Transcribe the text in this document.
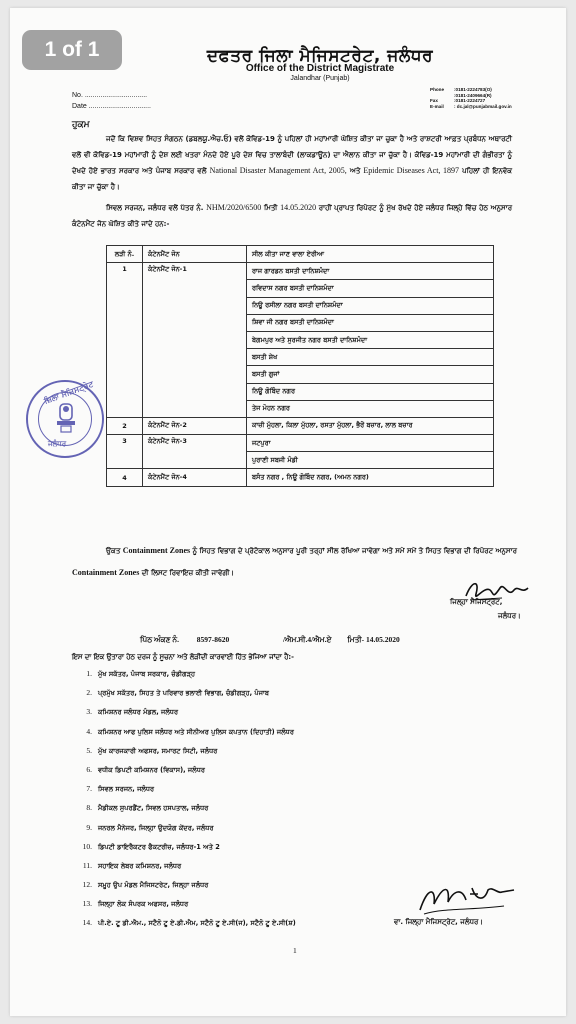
ਦਫਤਰ ਜਿਲਾ ਮੈਜਿਸਟਰੇਟ, ਜਲੰਧਰ
Office of the District Magistrate
Jalandhar (Punjab)
No. ................................
Date ................................
Phone :0181-2224783(O)
:0181-2409664(R)
Fax	:0181-2224727
E-mail : dc.jal@punjabmail.gov.in
ਹੁਕਮ
ਜਦੋਂ ਕਿ ਵਿਸ਼ਵ ਸਿਹਤ ਸੰਗਠਨ (ਡਬਲਯੂ.ਐਚ.ਓ) ਵਲੋਂ ਕੋਵਿਡ-19 ਨੂੰ ਪਹਿਲਾਂ ਹੀ ਮਹਾਂਮਾਰੀ ਘੋਸ਼ਿਤ ਕੀਤਾ ਜਾ ਚੁਕਾ ਹੈ ਅਤੇ ਰਾਸ਼ਟਰੀ ਆਫ਼ਤ ਪ੍ਰਬੰਧਨ ਅਥਾਰਟੀ ਵਲੋਂ ਵੀ ਕੋਵਿਡ-19 ਮਹਾਂਮਾਰੀ ਨੂੰ ਦੇਸ਼ ਲਈ ਖਤਰਾ ਮੰਨਦੇ ਹੋਏ ਪੂਰੇ ਦੇਸ਼ ਵਿਚ ਤਾਲਾਬੰਦੀ (ਲਾਕਡਾਊਨ) ਦਾ ਐਲਾਨ ਕੀਤਾ ਜਾ ਚੁੱਕਾ ਹੈ। ਕੋਵਿਡ-19 ਮਹਾਂਮਾਰੀ ਦੀ ਗੰਭੀਰਤਾ ਨੂੰ ਦੇਖਦੇ ਹੋਏ ਭਾਰਤ ਸਰਕਾਰ ਅਤੇ ਪੰਜਾਬ ਸਰਕਾਰ ਵਲੋਂ National Disaster Management Act, 2005, ਅਤੇ Epidemic Diseases Act, 1897 ਪਹਿਲਾਂ ਹੀ ਇਨਵੋਕ ਕੀਤਾ ਜਾ ਚੁੱਕਾ ਹੈ।
ਸਿਵਲ ਸਰਜਨ, ਜਲੰਧਰ ਵਲੋਂ ਪੱਤਰ ਨੰ. NHM/2020/6500 ਮਿਤੀ 14.05.2020 ਰਾਹੀਂ ਪ੍ਰਾਪਤ ਰਿਪੋਰਟ ਨੂੰ ਮੁੱਖ ਰੱਖਦੇ ਹੋਏ ਜਲੰਧਰ ਜਿਲ੍ਹੇ ਵਿੱਚ ਹੇਠ ਅਨੁਸਾਰ ਕੰਟੇਨਮੈਂਟ ਜੋਨ ਘੋਸ਼ਿਤ ਕੀਤੇ ਜਾਂਦੇ ਹਨ:-
ਲੜੀ ਨੰ.	ਕੰਟੇਨਮੈਂਟ ਜੋਨ	ਸੀਲ ਕੀਤਾ ਜਾਣ ਵਾਲਾ ਏਰੀਆ
1	ਕੰਟੇਨਮੈਂਟ ਜੋਨ-1	ਰਾਜ ਗਾਰਡਨ ਬਸਤੀ ਦਾਨਿਸ਼ਮੰਦਾ
		ਰਵਿਦਾਸ ਨਗਰ ਬਸਤੀ ਦਾਨਿਸ਼ਮੰਦਾ
		ਨਿਊ ਰਸੀਲਾ ਨਗਰ ਬਸਤੀ ਦਾਨਿਸ਼ਮੰਦਾ
		ਸ਼ਿਵਾ ਜੀ ਨਗਰ ਬਸਤੀ ਦਾਨਿਸ਼ਮੰਦਾ
		ਬੇਗਮਪੁਰ ਅਤੇ ਸੁਰਜੀਤ ਨਗਰ ਬਸਤੀ ਦਾਨਿਸ਼ਮੰਦਾ
		ਬਸਤੀ ਸ਼ੇਖ
		ਬਸਤੀ ਗੁਜਾਂ
		ਨਿਊ ਗੋਬਿੰਦ ਨਗਰ
		ਤੇਜ ਮੋਹਨ ਨਗਰ
2	ਕੰਟੇਨਮੈਂਟ ਜੋਨ-2	ਕਾਜ਼ੀ ਮੁੱਹਲਾ, ਕਿਲਾ ਮੁੱਹਲਾ, ਰਸਤਾ ਮੁੱਹਲਾ, ਭੈਰੋਂ ਬਜ਼ਾਰ, ਲਾਲ ਬਜ਼ਾਰ
3	ਕੰਟੇਨਮੈਂਟ ਜੋਨ-3	ਜਟਪੁਰਾ
		ਪੁਰਾਣੀ ਸਬਜੀ ਮੰਡੀ
4	ਕੰਟੇਨਮੈਂਟ ਜੋਨ-4	ਬਸੰਤ ਨਗਰ , ਨਿਊ ਗੋਬਿੰਦ ਨਗਰ, (ਅਮਨ ਨਗਰ)
ਜ਼ਿਲਾ ਮੈਜਿਸਟ੍ਰੇਟ
ਜਲੰਧਰ
ਉਕਤ Containment Zones ਨੂੰ ਸਿਹਤ ਵਿਭਾਗ ਦੇ ਪ੍ਰੋਟੋਕਾਲ ਅਨੁਸਾਰ ਪੂਰੀ ਤਰ੍ਹਾਂ ਸੀਲ ਰੱਖਿਆ ਜਾਵੇਗਾ ਅਤੇ ਸਮੇਂ ਸਮੇਂ ਤੇ ਸਿਹਤ ਵਿਭਾਗ ਦੀ ਰਿਪੋਰਟ ਅਨੁਸਾਰ Containment Zones ਦੀ ਲਿਸਟ ਰਿਵਾਇਜ਼ ਕੀਤੀ ਜਾਵੇਗੀ।
ਜਿਲ੍ਹਾ ਮੈਜਿਸਟ੍ਰੇਟ,
ਜਲੰਧਰ।
ਪਿੱਠ ਅੰਕਣ ਨੰ. 8597-8620	/ਐਮ.ਸੀ.4/ਐਮ.ਏ ਮਿਤੀ- 14.05.2020
ਇਸ ਦਾ ਇਕ ਉਤਾਰਾ ਹੇਠ ਦਰਜ ਨੂੰ ਸੂਚਨਾ ਅਤੇ ਲੋੜੀਂਦੀ ਕਾਰਵਾਈ ਹਿੱਤ ਭੇਜਿਆ ਜਾਂਦਾ ਹੈ:-
1. ਮੁੱਖ ਸਕੱਤਰ, ਪੰਜਾਬ ਸਰਕਾਰ, ਚੰਡੀਗੜ੍ਹ
2. ਪ੍ਰਮੁੱਖ ਸਕੱਤਰ, ਸਿਹਤ ਤੇ ਪਰਿਵਾਰ ਭਲਾਈ ਵਿਭਾਗ, ਚੰਡੀਗੜ੍ਹ, ਪੰਜਾਬ
3. ਕਮਿਸ਼ਨਰ ਜਲੰਧਰ ਮੰਡਲ, ਜਲੰਧਰ
4. ਕਮਿਸ਼ਨਰ ਆਫ ਪੁਲਿਸ ਜਲੰਧਰ ਅਤੇ ਸੀਨੀਅਰ ਪੁਲਿਸ ਕਪਤਾਨ (ਦਿਹਾਤੀ) ਜਲੰਧਰ
5. ਮੁੱਖ ਕਾਰਜਕਾਰੀ ਅਫਸਰ, ਸਮਾਰਟ ਸਿਟੀ, ਜਲੰਧਰ
6. ਵਧੀਕ ਡਿਪਟੀ ਕਮਿਸ਼ਨਰ (ਵਿਕਾਸ), ਜਲੰਧਰ
7. ਸਿਵਲ ਸਰਜਨ, ਜਲੰਧਰ
8. ਮੈਡੀਕਲ ਸੁਪਰਡੈਂਟ, ਸਿਵਲ ਹਸਪਤਾਲ, ਜਲੰਧਰ
9. ਜਨਰਲ ਮੈਨੇਜਰ, ਜਿਲ੍ਹਾ ਉਦਯੋਗ ਕੇਂਦਰ, ਜਲੰਧਰ
10. ਡਿਪਟੀ ਡਾਇਰੈਕਟਰ ਫੈਕਟਰੀਜ਼, ਜਲੰਧਰ-1 ਅਤੇ 2
11. ਸਹਾਇਕ ਲੇਬਰ ਕਮਿਸ਼ਨਰ, ਜਲੰਧਰ
12. ਸਮੂਹ ਉਪ ਮੰਡਲ ਮੈਜਿਸਟਰੇਟ, ਜਿਲ੍ਹਾ ਜਲੰਧਰ
13. ਜਿਲ੍ਹਾ ਲੋਕ ਸੰਪਰਕ ਅਫਸਰ, ਜਲੰਧਰ
14. ਪੀ.ਏ. ਟੂ ਡੀ.ਐਮ., ਸਟੈਨੋ ਟੂ ਏ.ਡੀ.ਐਮ, ਸਟੈਨੋ ਟੂ ਏ.ਸੀ(ਜ), ਸਟੈਨੋ ਟੂ ਏ.ਸੀ(ਸ਼)	ਵਾ. ਜਿਲ੍ਹਾ ਮੈਜਿਸਟ੍ਰੇਟ, ਜਲੰਧਰ।
1
1 of 1
